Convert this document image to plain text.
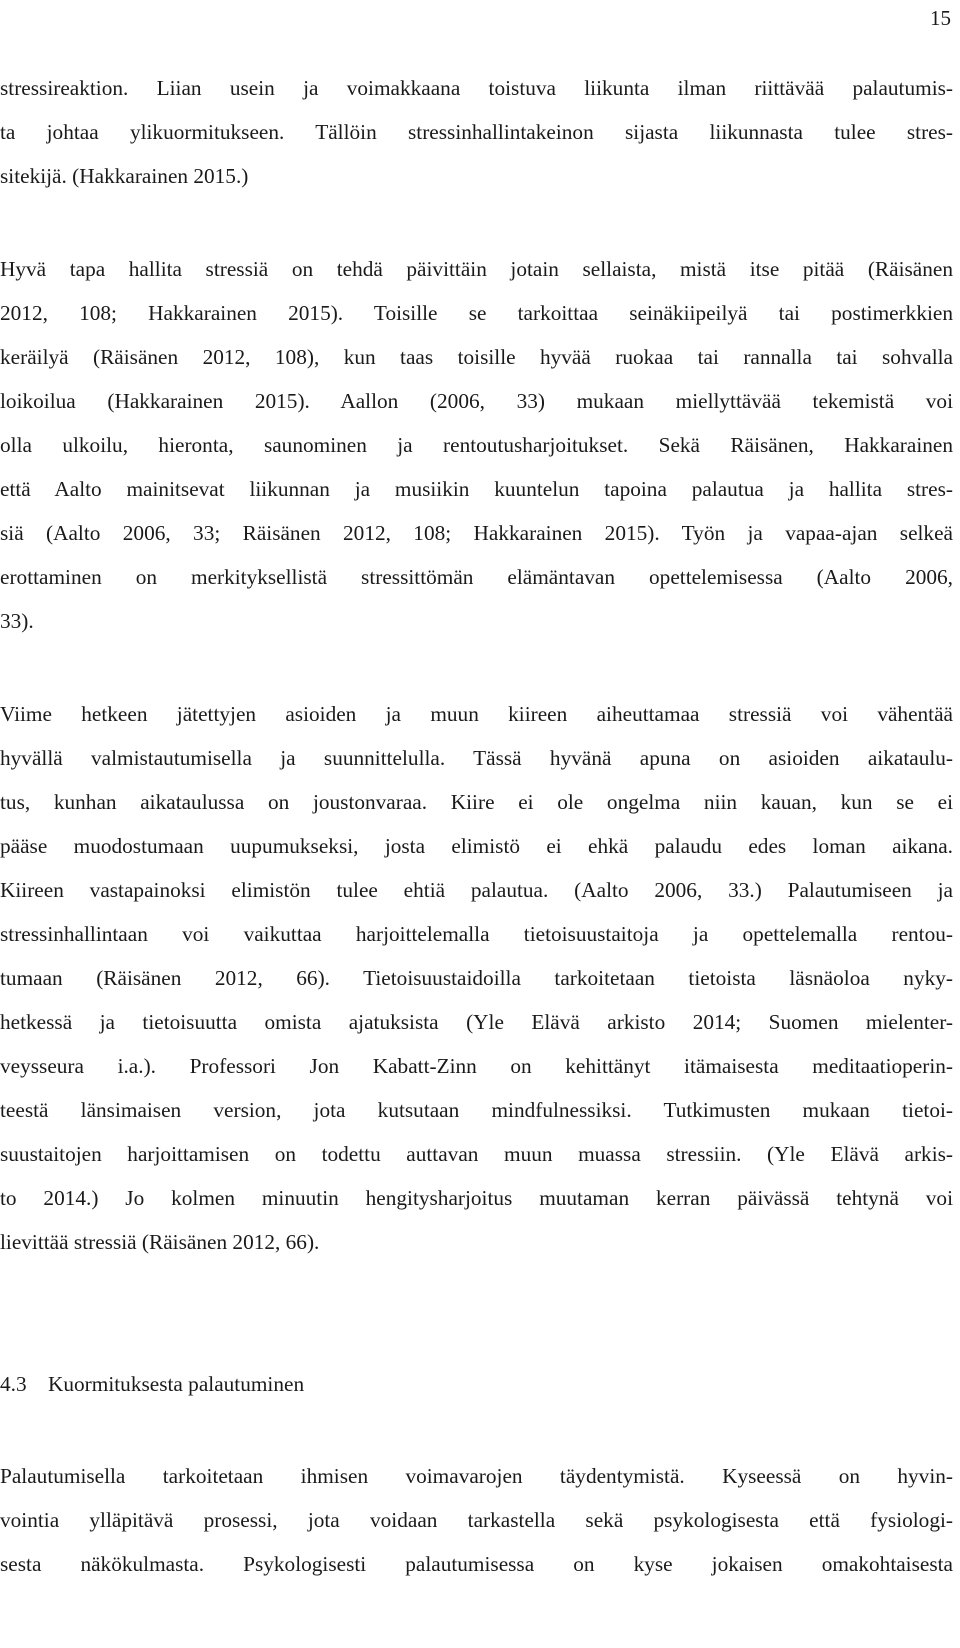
15
stressireaktion. Liian usein ja voimakkaana toistuva liikunta ilman riittävää palautumis-
ta johtaa ylikuormitukseen. Tällöin stressinhallintakeinon sijasta liikunnasta tulee stres-
sitekijä. (Hakkarainen 2015.)
Hyvä tapa hallita stressiä on tehdä päivittäin jotain sellaista, mistä itse pitää (Räisänen
2012, 108; Hakkarainen 2015). Toisille se tarkoittaa seinäkiipeilyä tai postimerkkien
keräilyä (Räisänen 2012, 108), kun taas toisille hyvää ruokaa tai rannalla tai sohvalla
loikoilua (Hakkarainen 2015). Aallon (2006, 33) mukaan miellyttävää tekemistä voi
olla ulkoilu, hieronta, saunominen ja rentoutusharjoitukset. Sekä Räisänen, Hakkarainen
että Aalto mainitsevat liikunnan ja musiikin kuuntelun tapoina palautua ja hallita stres-
siä (Aalto 2006, 33; Räisänen 2012, 108; Hakkarainen 2015). Työn ja vapaa-ajan selkeä
erottaminen on merkityksellistä stressittömän elämäntavan opettelemisessa (Aalto 2006,
33).
Viime hetkeen jätettyjen asioiden ja muun kiireen aiheuttamaa stressiä voi vähentää
hyvällä valmistautumisella ja suunnittelulla. Tässä hyvänä apuna on asioiden aikataulu-
tus, kunhan aikataulussa on joustonvaraa. Kiire ei ole ongelma niin kauan, kun se ei
pääse muodostumaan uupumukseksi, josta elimistö ei ehkä palaudu edes loman aikana.
Kiireen vastapainoksi elimistön tulee ehtiä palautua. (Aalto 2006, 33.) Palautumiseen ja
stressinhallintaan voi vaikuttaa harjoittelemalla tietoisuustaitoja ja opettelemalla rentou-
tumaan (Räisänen 2012, 66). Tietoisuustaidoilla tarkoitetaan tietoista läsnäoloa nyky-
hetkessä ja tietoisuutta omista ajatuksista (Yle Elävä arkisto 2014; Suomen mielenter-
veysseura i.a.). Professori Jon Kabatt-Zinn on kehittänyt itämaisesta meditaatioperin-
teestä länsimaisen version, jota kutsutaan mindfulnessiksi. Tutkimusten mukaan tietoi-
suustaitojen harjoittamisen on todettu auttavan muun muassa stressiin. (Yle Elävä arkis-
to 2014.) Jo kolmen minuutin hengitysharjoitus muutaman kerran päivässä tehtynä voi
lievittää stressiä (Räisänen 2012, 66).
4.3 Kuormituksesta palautuminen
Palautumisella tarkoitetaan ihmisen voimavarojen täydentymistä. Kyseessä on hyvin-
vointia ylläpitävä prosessi, jota voidaan tarkastella sekä psykologisesta että fysiologi-
sesta näkökulmasta. Psykologisesti palautumisessa on kyse jokaisen omakohtaisesta
